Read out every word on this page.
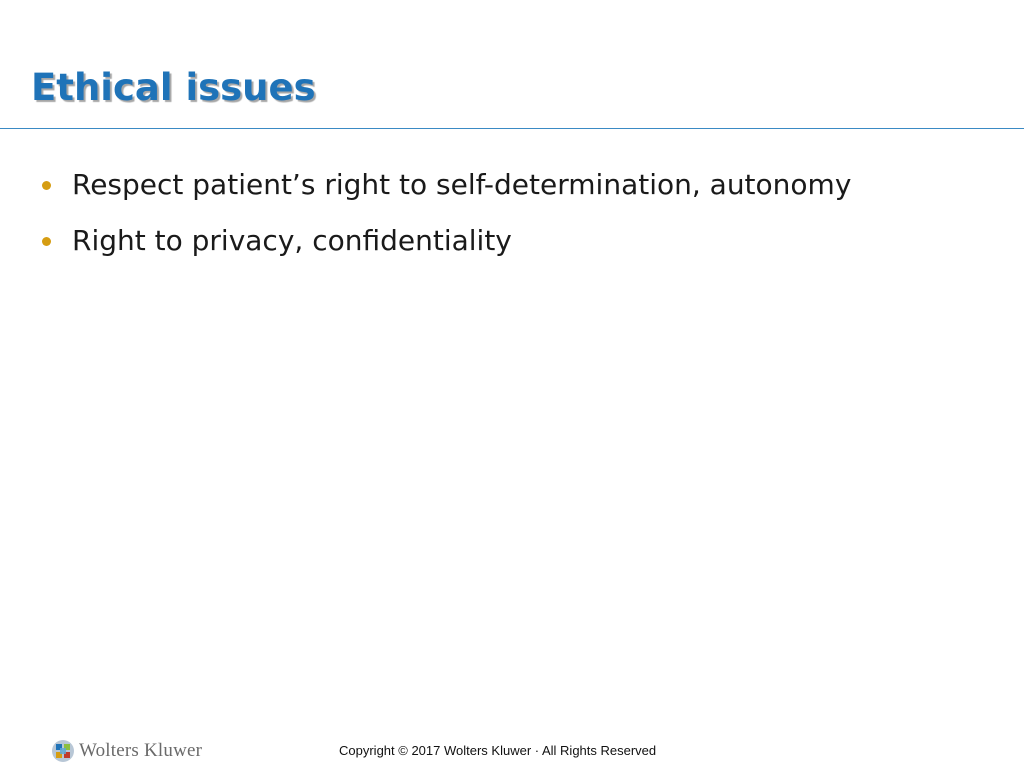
Ethical issues
Respect patient’s right to self-determination, autonomy
Right to privacy, confidentiality
Wolters Kluwer	Copyright © 2017 Wolters Kluwer · All Rights Reserved
